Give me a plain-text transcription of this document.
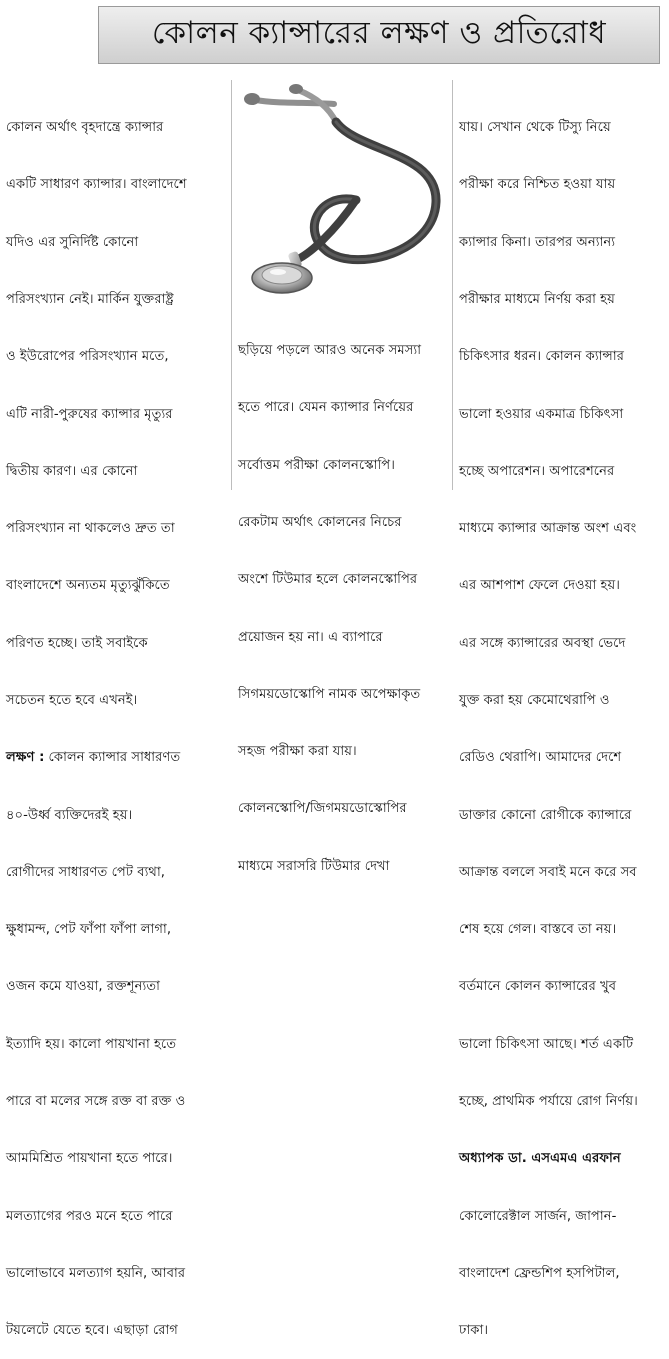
কোলন ক্যান্সারের লক্ষণ ও প্রতিরোধ

কোলন অর্থাৎ বৃহদান্ত্রে ক্যান্সার

একটি সাধারণ ক্যান্সার। বাংলাদেশে

যদিও এর সুনির্দিষ্ট কোনো

পরিসংখ্যান নেই। মার্কিন যুক্তরাষ্ট্র

ও ইউরোপের পরিসংখ্যান মতে,

এটি নারী-পুরুষের ক্যান্সার মৃত্যুর

দ্বিতীয় কারণ। এর কোনো

পরিসংখ্যান না থাকলেও দ্রুত তা

বাংলাদেশে অন্যতম মৃত্যুঝুঁকিতে

পরিণত হচ্ছে। তাই সবাইকে

সচেতন হতে হবে এখনই।

লক্ষণ : কোলন ক্যান্সার সাধারণত

৪০-উর্ধ্ব ব্যক্তিদেরই হয়।

রোগীদের সাধারণত পেট ব্যথা,

ক্ষুধামন্দ, পেট ফাঁপা ফাঁপা লাগা,

ওজন কমে যাওয়া, রক্তশূন্যতা

ইত্যাদি হয়। কালো পায়খানা হতে

পারে বা মলের সঙ্গে রক্ত বা রক্ত ও

আমমিশ্রিত পায়খানা হতে পারে।

মলত্যাগের পরও মনে হতে পারে

ভালোভাবে মলত্যাগ হয়নি, আবার

টয়লেটে যেতে হবে। এছাড়া রোগ

ছড়িয়ে পড়লে আরও অনেক সমস্যা

হতে পারে। যেমন ক্যান্সার নির্ণয়ের

সর্বোত্তম পরীক্ষা কোলনস্কোপি।

রেকটাম অর্থাৎ কোলনের নিচের

অংশে টিউমার হলে কোলনস্কোপির

প্রয়োজন হয় না। এ ব্যাপারে

সিগময়ডোস্কোপি নামক অপেক্ষাকৃত

সহজ পরীক্ষা করা যায়।

কোলনস্কোপি/জিগময়ডোস্কোপির

মাধ্যমে সরাসরি টিউমার দেখা

যায়। সেখান থেকে টিস্যু নিয়ে

পরীক্ষা করে নিশ্চিত হওয়া যায়

ক্যান্সার কিনা। তারপর অন্যান্য

পরীক্ষার মাধ্যমে নির্ণয় করা হয়

চিকিৎসার ধরন। কোলন ক্যান্সার

ভালো হওয়ার একমাত্র চিকিৎসা

হচ্ছে অপারেশন। অপারেশনের

মাধ্যমে ক্যান্সার আক্রান্ত অংশ এবং

এর আশপাশ ফেলে দেওয়া হয়।

এর সঙ্গে ক্যান্সারের অবস্থা ভেদে

যুক্ত করা হয় কেমোথেরাপি ও

রেডিও থেরাপি। আমাদের দেশে

ডাক্তার কোনো রোগীকে ক্যান্সারে

আক্রান্ত বললে সবাই মনে করে সব

শেষ হয়ে গেল। বাস্তবে তা নয়।

বর্তমানে কোলন ক্যান্সারের খুব

ভালো চিকিৎসা আছে। শর্ত একটি

হচ্ছে, প্রাথমিক পর্যায়ে রোগ নির্ণয়।

অধ্যাপক ডা. এসএমএ এরফান

কোলোরেক্টাল সার্জন, জাপান-

বাংলাদেশ ফ্রেন্ডশিপ হসপিটাল,

ঢাকা।
